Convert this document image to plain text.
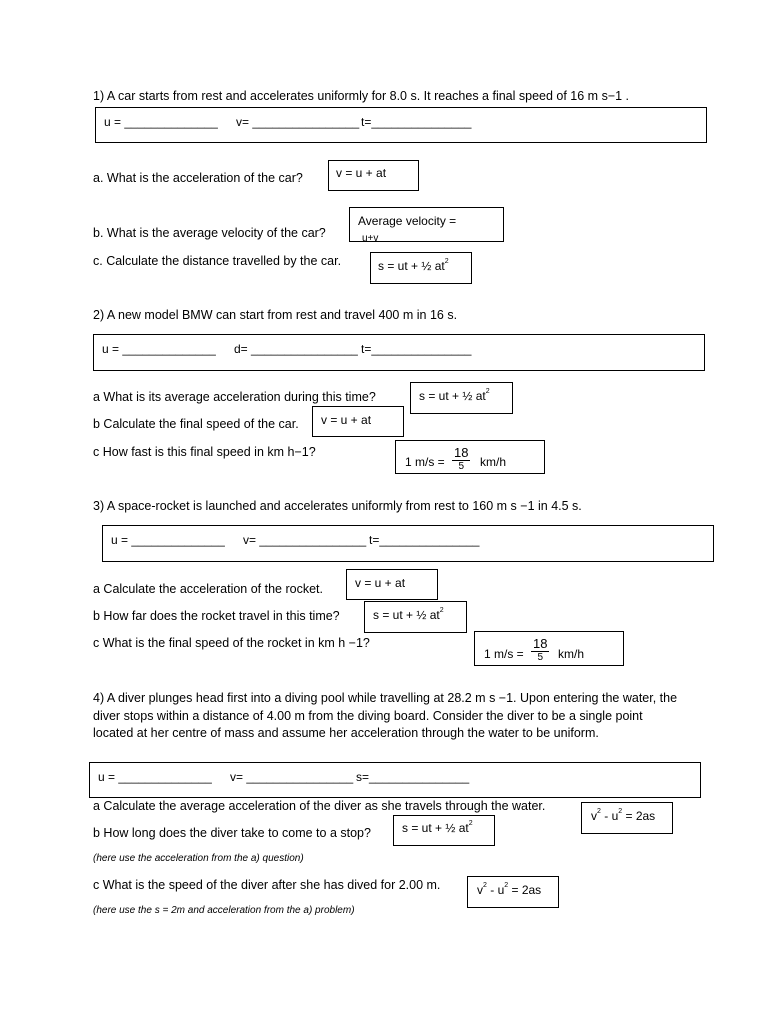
1) A car starts from rest and accelerates uniformly for 8.0 s. It reaches a final speed of 16 m s−1 .
u = ______________ v= ________________ t=_______________
a. What is the acceleration of the car?	v = u + at
Average velocity =
u+v
b. What is the average velocity of the car?
c. Calculate the distance travelled by the car.	s = ut + ½ $at^2$
2) A new model BMW can start from rest and travel 400 m in 16 s.
u = ______________ d= ________________ t=_______________
a What is its average acceleration during this time?	s = ut + ½ $at^2$
b Calculate the final speed of the car. v = u + at
c How fast is this final speed in km h−1?
1 m/s =
18
5	km/h
3) A space-rocket is launched and accelerates uniformly from rest to 160 m s −1 in 4.5 s.
u = ______________ v= ________________ t=_______________
a Calculate the acceleration of the rocket.	v = u + at
b How far does the rocket travel in this time?	s = ut + ½ $at^2$
c What is the final speed of the rocket in km h −1?
1 m/s =
18
5	km/h
4) A diver plunges head first into a diving pool while travelling at 28.2 m s −1. Upon entering the water, the diver stops within a distance of 4.00 m from the diving board. Consider the diver to be a single point located at her centre of mass and assume her acceleration through the water to be uniform.
u = ______________ v= ________________ s=_______________
a Calculate the average acceleration of the diver as she travels through the water.
$v^2 - u^2 = 2as$
b How long does the diver take to come to a stop?	s = ut + ½ $at^2$
(here use the acceleration from the a) question)
c What is the speed of the diver after she has dived for 2.00 m.	$v^2 - u^2 = 2as$
(here use the s = 2m and acceleration from the a) problem)
